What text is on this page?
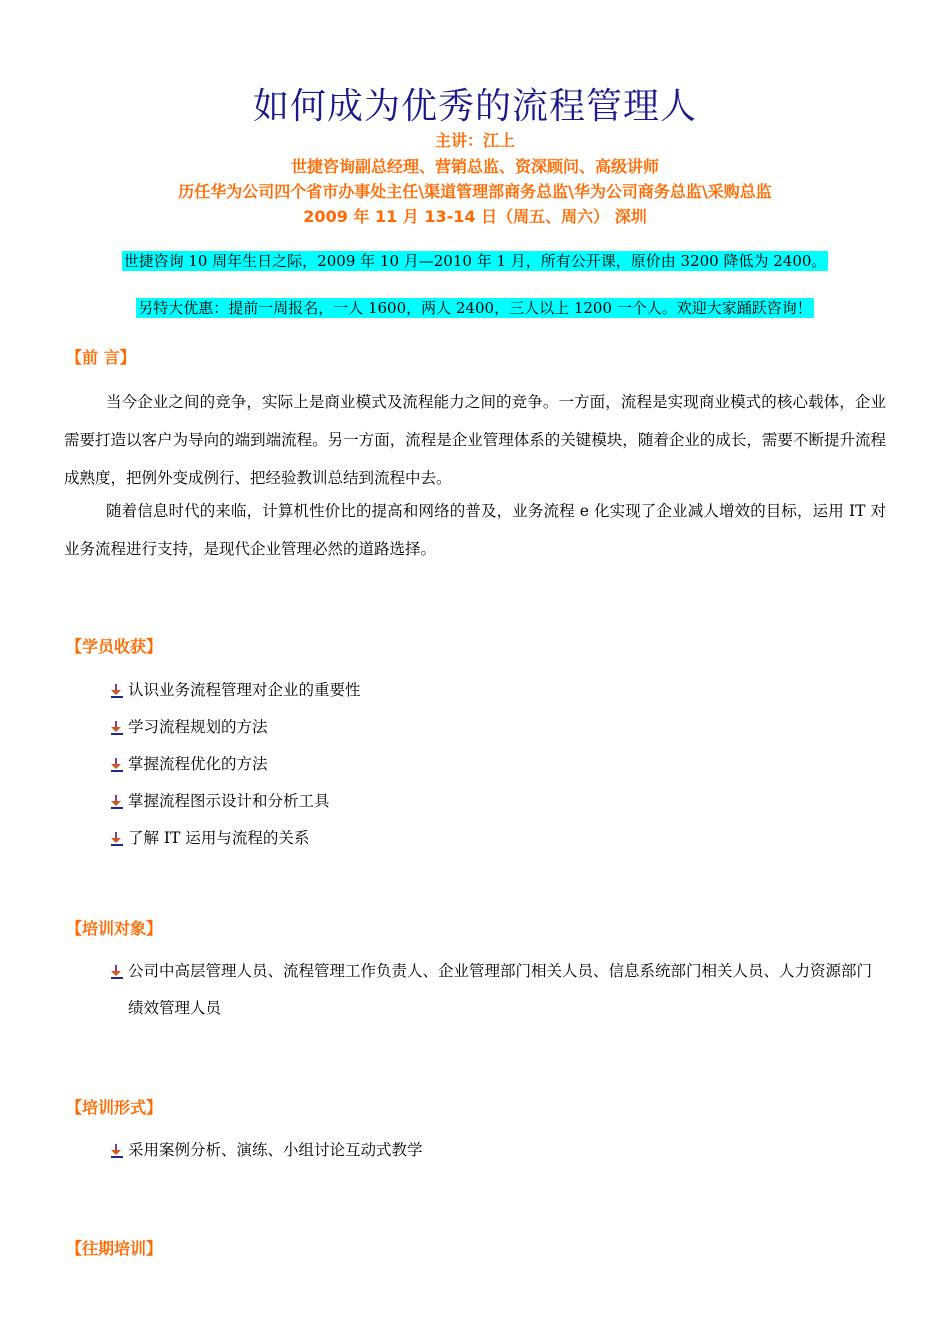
如何成为优秀的流程管理人
主讲：江上
世捷咨询副总经理、营销总监、资深顾问、高级讲师
历任华为公司四个省市办事处主任\渠道管理部商务总监\华为公司商务总监\采购总监
2009 年 11 月 13-14 日（周五、周六） 深圳
世捷咨询 10 周年生日之际，2009 年 10 月—2010 年 1 月，所有公开课，原价由 3200 降低为 2400。
另特大优惠：提前一周报名，一人 1600，两人 2400，三人以上 1200 一个人。欢迎大家踊跃咨询！
【前 言】

当今企业之间的竞争，实际上是商业模式及流程能力之间的竞争。一方面，流程是实现商业模式的核心载体，企业需要打造以客户为导向的端到端流程。另一方面，流程是企业管理体系的关键模块，随着企业的成长，需要不断提升流程成熟度，把例外变成例行、把经验教训总结到流程中去。

随着信息时代的来临，计算机性价比的提高和网络的普及，业务流程 e 化实现了企业减人增效的目标，运用 IT 对业务流程进行支持，是现代企业管理必然的道路选择。

【学员收获】
认识业务流程管理对企业的重要性
学习流程规划的方法
掌握流程优化的方法
掌握流程图示设计和分析工具
了解 IT 运用与流程的关系
【培训对象】
公司中高层管理人员、流程管理工作负责人、企业管理部门相关人员、信息系统部门相关人员、人力资源部门绩效管理人员
【培训形式】
采用案例分析、演练、小组讨论互动式教学
【往期培训】
